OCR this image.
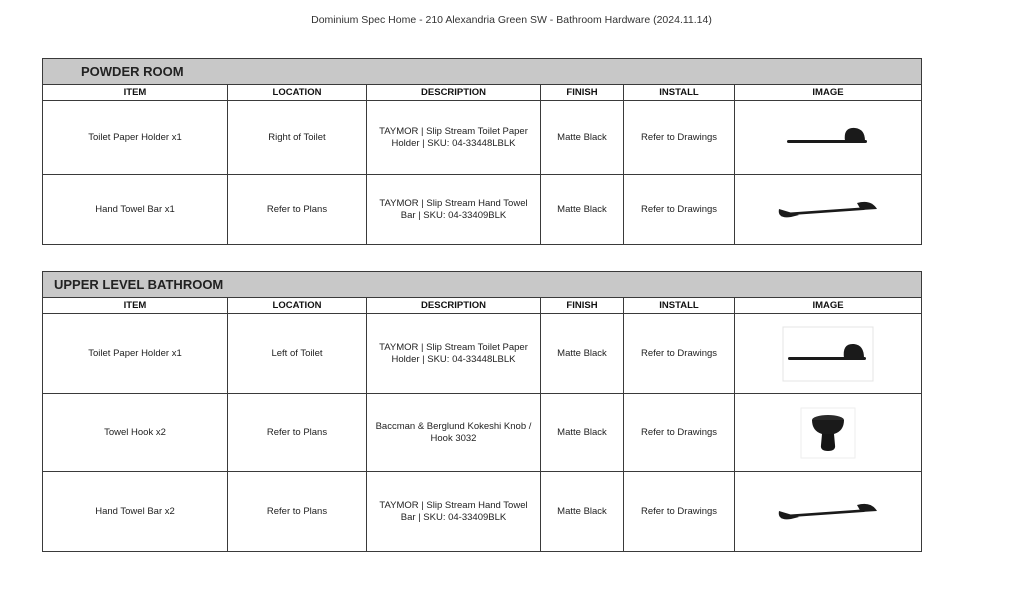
Dominium Spec Home - 210 Alexandria Green SW - Bathroom Hardware (2024.11.14)
POWDER ROOM					
ITEM	LOCATION	DESCRIPTION	FINISH	INSTALL	IMAGE
Toilet Paper Holder x1	Right of Toilet	TAYMOR | Slip Stream Toilet Paper Holder | SKU: 04-33448LBLK	Matte Black	Refer to Drawings	

Hand Towel Bar x1	Refer to Plans	TAYMOR | Slip Stream Hand Towel Bar | SKU: 04-33409BLK	Matte Black	Refer to Drawings	
UPPER LEVEL BATHROOM					
ITEM	LOCATION	DESCRIPTION	FINISH	INSTALL	IMAGE
Toilet Paper Holder x1	Left of Toilet	TAYMOR | Slip Stream Toilet Paper Holder | SKU: 04-33448LBLK	Matte Black	Refer to Drawings	

Towel Hook x2	Refer to Plans	Baccman & Berglund Kokeshi Knob / Hook 3032	Matte Black	Refer to Drawings	

Hand Towel Bar x2	Refer to Plans	TAYMOR | Slip Stream Hand Towel Bar | SKU: 04-33409BLK	Matte Black	Refer to Drawings	
